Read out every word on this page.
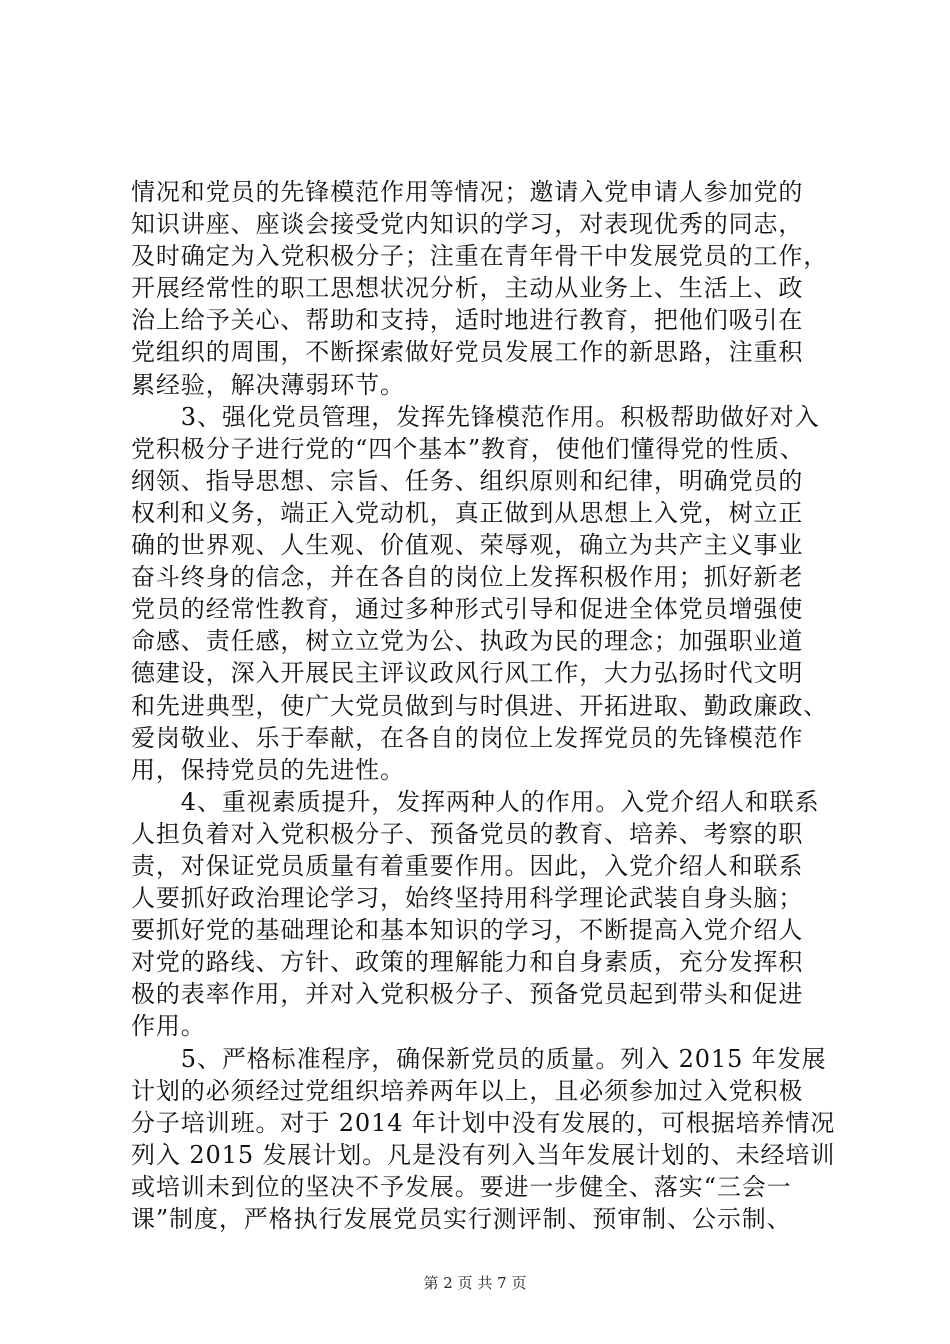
情况和党员的先锋模范作用等情况；邀请入党申请人参加党的
知识讲座、座谈会接受党内知识的学习，对表现优秀的同志，
及时确定为入党积极分子；注重在青年骨干中发展党员的工作，
开展经常性的职工思想状况分析，主动从业务上、生活上、政
治上给予关心、帮助和支持，适时地进行教育，把他们吸引在
党组织的周围，不断探索做好党员发展工作的新思路，注重积
累经验，解决薄弱环节。
　　3、强化党员管理，发挥先锋模范作用。积极帮助做好对入
党积极分子进行党的“四个基本”教育，使他们懂得党的性质、
纲领、指导思想、宗旨、任务、组织原则和纪律，明确党员的
权利和义务，端正入党动机，真正做到从思想上入党，树立正
确的世界观、人生观、价值观、荣辱观，确立为共产主义事业
奋斗终身的信念，并在各自的岗位上发挥积极作用；抓好新老
党员的经常性教育，通过多种形式引导和促进全体党员增强使
命感、责任感，树立立党为公、执政为民的理念；加强职业道
德建设，深入开展民主评议政风行风工作，大力弘扬时代文明
和先进典型，使广大党员做到与时俱进、开拓进取、勤政廉政、
爱岗敬业、乐于奉献，在各自的岗位上发挥党员的先锋模范作
用，保持党员的先进性。
　　4、重视素质提升，发挥两种人的作用。入党介绍人和联系
人担负着对入党积极分子、预备党员的教育、培养、考察的职
责，对保证党员质量有着重要作用。因此，入党介绍人和联系
人要抓好政治理论学习，始终坚持用科学理论武装自身头脑；
要抓好党的基础理论和基本知识的学习，不断提高入党介绍人
对党的路线、方针、政策的理解能力和自身素质，充分发挥积
极的表率作用，并对入党积极分子、预备党员起到带头和促进
作用。
　　5、严格标准程序，确保新党员的质量。列入 2015 年发展
计划的必须经过党组织培养两年以上，且必须参加过入党积极
分子培训班。对于 2014 年计划中没有发展的，可根据培养情况
列入 2015 发展计划。凡是没有列入当年发展计划的、未经培训
或培训未到位的坚决不予发展。要进一步健全、落实“三会一
课”制度，严格执行发展党员实行测评制、预审制、公示制、
第 2 页 共 7 页
